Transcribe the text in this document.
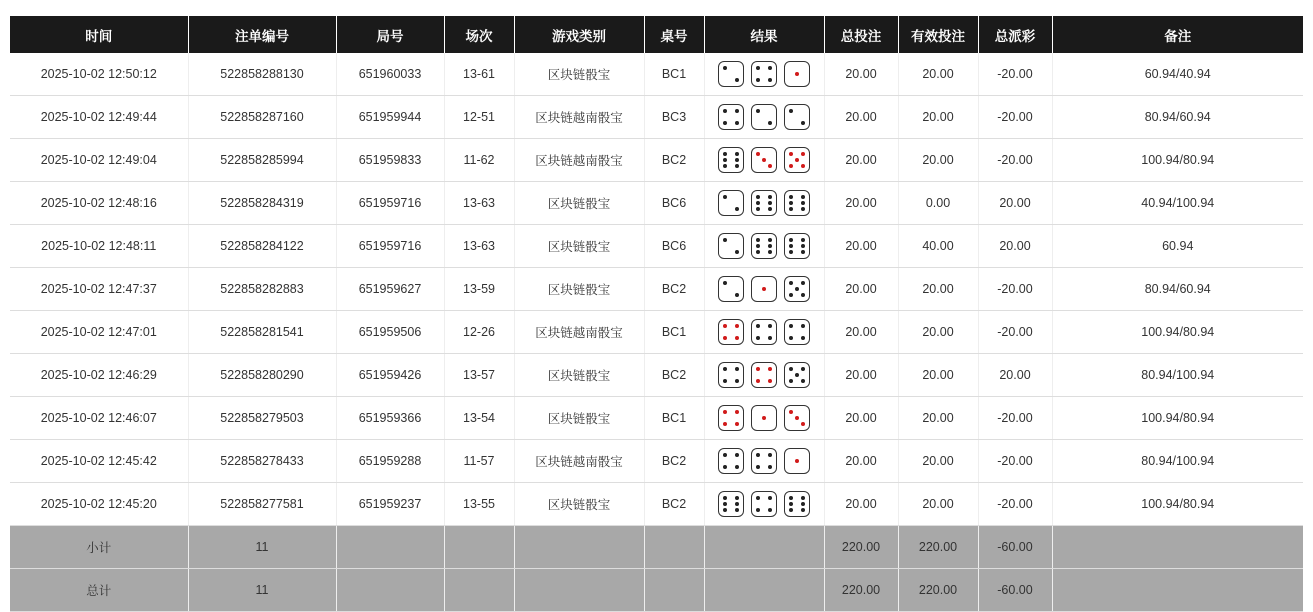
时间	注单编号	局号	场次	游戏类别	桌号	结果	总投注	有效投注	总派彩	备注
2025-10-02 12:50:12	522858288130	651960033	13-61	区块链骰宝	BC1		20.00	20.00	-20.00	60.94/40.94
2025-10-02 12:49:44	522858287160	651959944	12-51	区块链越南骰宝	BC3		20.00	20.00	-20.00	80.94/60.94
2025-10-02 12:49:04	522858285994	651959833	11-62	区块链越南骰宝	BC2		20.00	20.00	-20.00	100.94/80.94
2025-10-02 12:48:16	522858284319	651959716	13-63	区块链骰宝	BC6		20.00	0.00	20.00	40.94/100.94
2025-10-02 12:48:11	522858284122	651959716	13-63	区块链骰宝	BC6		20.00	40.00	20.00	60.94
2025-10-02 12:47:37	522858282883	651959627	13-59	区块链骰宝	BC2		20.00	20.00	-20.00	80.94/60.94
2025-10-02 12:47:01	522858281541	651959506	12-26	区块链越南骰宝	BC1		20.00	20.00	-20.00	100.94/80.94
2025-10-02 12:46:29	522858280290	651959426	13-57	区块链骰宝	BC2		20.00	20.00	20.00	80.94/100.94
2025-10-02 12:46:07	522858279503	651959366	13-54	区块链骰宝	BC1		20.00	20.00	-20.00	100.94/80.94
2025-10-02 12:45:42	522858278433	651959288	11-57	区块链越南骰宝	BC2		20.00	20.00	-20.00	80.94/100.94
2025-10-02 12:45:20	522858277581	651959237	13-55	区块链骰宝	BC2		20.00	20.00	-20.00	100.94/80.94
小计	11						220.00	220.00	-60.00	
总计	11						220.00	220.00	-60.00	
